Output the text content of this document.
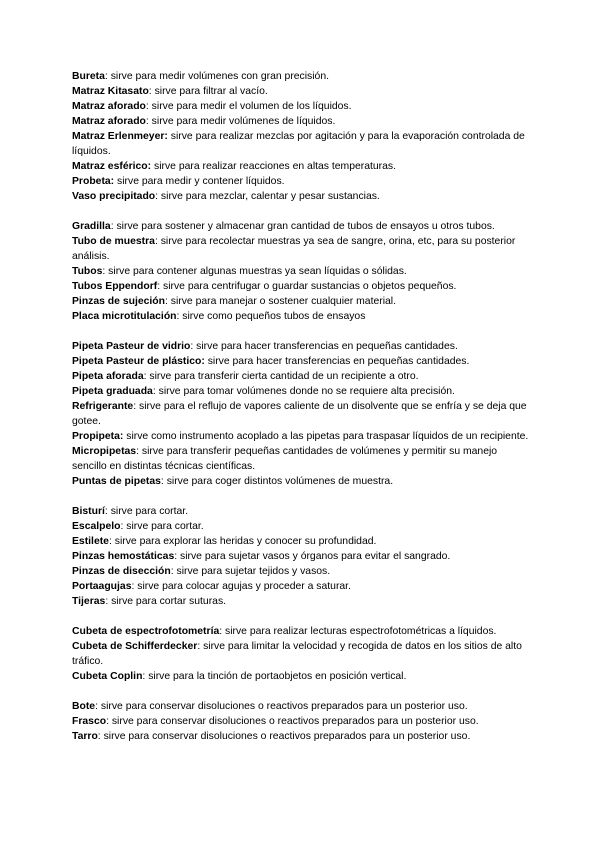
Bureta: sirve para medir volúmenes con gran precisión.
Matraz Kitasato: sirve para filtrar al vacío.
Matraz aforado: sirve para medir el volumen de los líquidos.
Matraz aforado: sirve para medir volúmenes de líquidos.
Matraz Erlenmeyer: sirve para realizar mezclas por agitación y para la evaporación controlada de líquidos.
Matraz esférico: sirve para realizar reacciones en altas temperaturas.
Probeta: sirve para medir y contener líquidos.
Vaso precipitado: sirve para mezclar, calentar y pesar sustancias.
Gradilla: sirve para sostener y almacenar gran cantidad de tubos de ensayos u otros tubos.
Tubo de muestra: sirve para recolectar muestras ya sea de sangre, orina, etc, para su posterior análisis.
Tubos: sirve para contener algunas muestras ya sean líquidas o sólidas.
Tubos Eppendorf: sirve para centrifugar o guardar sustancias o objetos pequeños.
Pinzas de sujeción: sirve para manejar o sostener cualquier material.
Placa microtitulación: sirve como pequeños tubos de ensayos
Pipeta Pasteur de vidrio: sirve para hacer transferencias en pequeñas cantidades.
Pipeta Pasteur de plástico: sirve para hacer transferencias en pequeñas cantidades.
Pipeta aforada: sirve para transferir cierta cantidad de un recipiente a otro.
Pipeta graduada: sirve para tomar volúmenes donde no se requiere alta precisión.
Refrigerante: sirve para el reflujo de vapores caliente de un disolvente que se enfría y se deja que gotee.
Propipeta: sirve como instrumento acoplado a las pipetas para traspasar líquidos de un recipiente.
Micropipetas: sirve para transferir pequeñas cantidades de volúmenes y permitir su manejo sencillo en distintas técnicas científicas.
Puntas de pipetas: sirve para coger distintos volúmenes de muestra.
Bisturí: sirve para cortar.
Escalpelo: sirve para cortar.
Estilete: sirve para explorar las heridas y conocer su profundidad.
Pinzas hemostáticas: sirve para sujetar vasos y órganos para evitar el sangrado.
Pinzas de disección: sirve para sujetar tejidos y vasos.
Portaagujas: sirve para colocar agujas y proceder a saturar.
Tijeras: sirve para cortar suturas.
Cubeta de espectrofotometría: sirve para realizar lecturas espectrofotométricas a líquidos.
Cubeta de Schifferdecker: sirve para limitar la velocidad y recogida de datos en los sitios de alto tráfico.
Cubeta Coplin: sirve para la tinción de portaobjetos en posición vertical.
Bote: sirve para conservar disoluciones o reactivos preparados para un posterior uso.
Frasco: sirve para conservar disoluciones o reactivos preparados para un posterior uso.
Tarro: sirve para conservar disoluciones o reactivos preparados para un posterior uso.
